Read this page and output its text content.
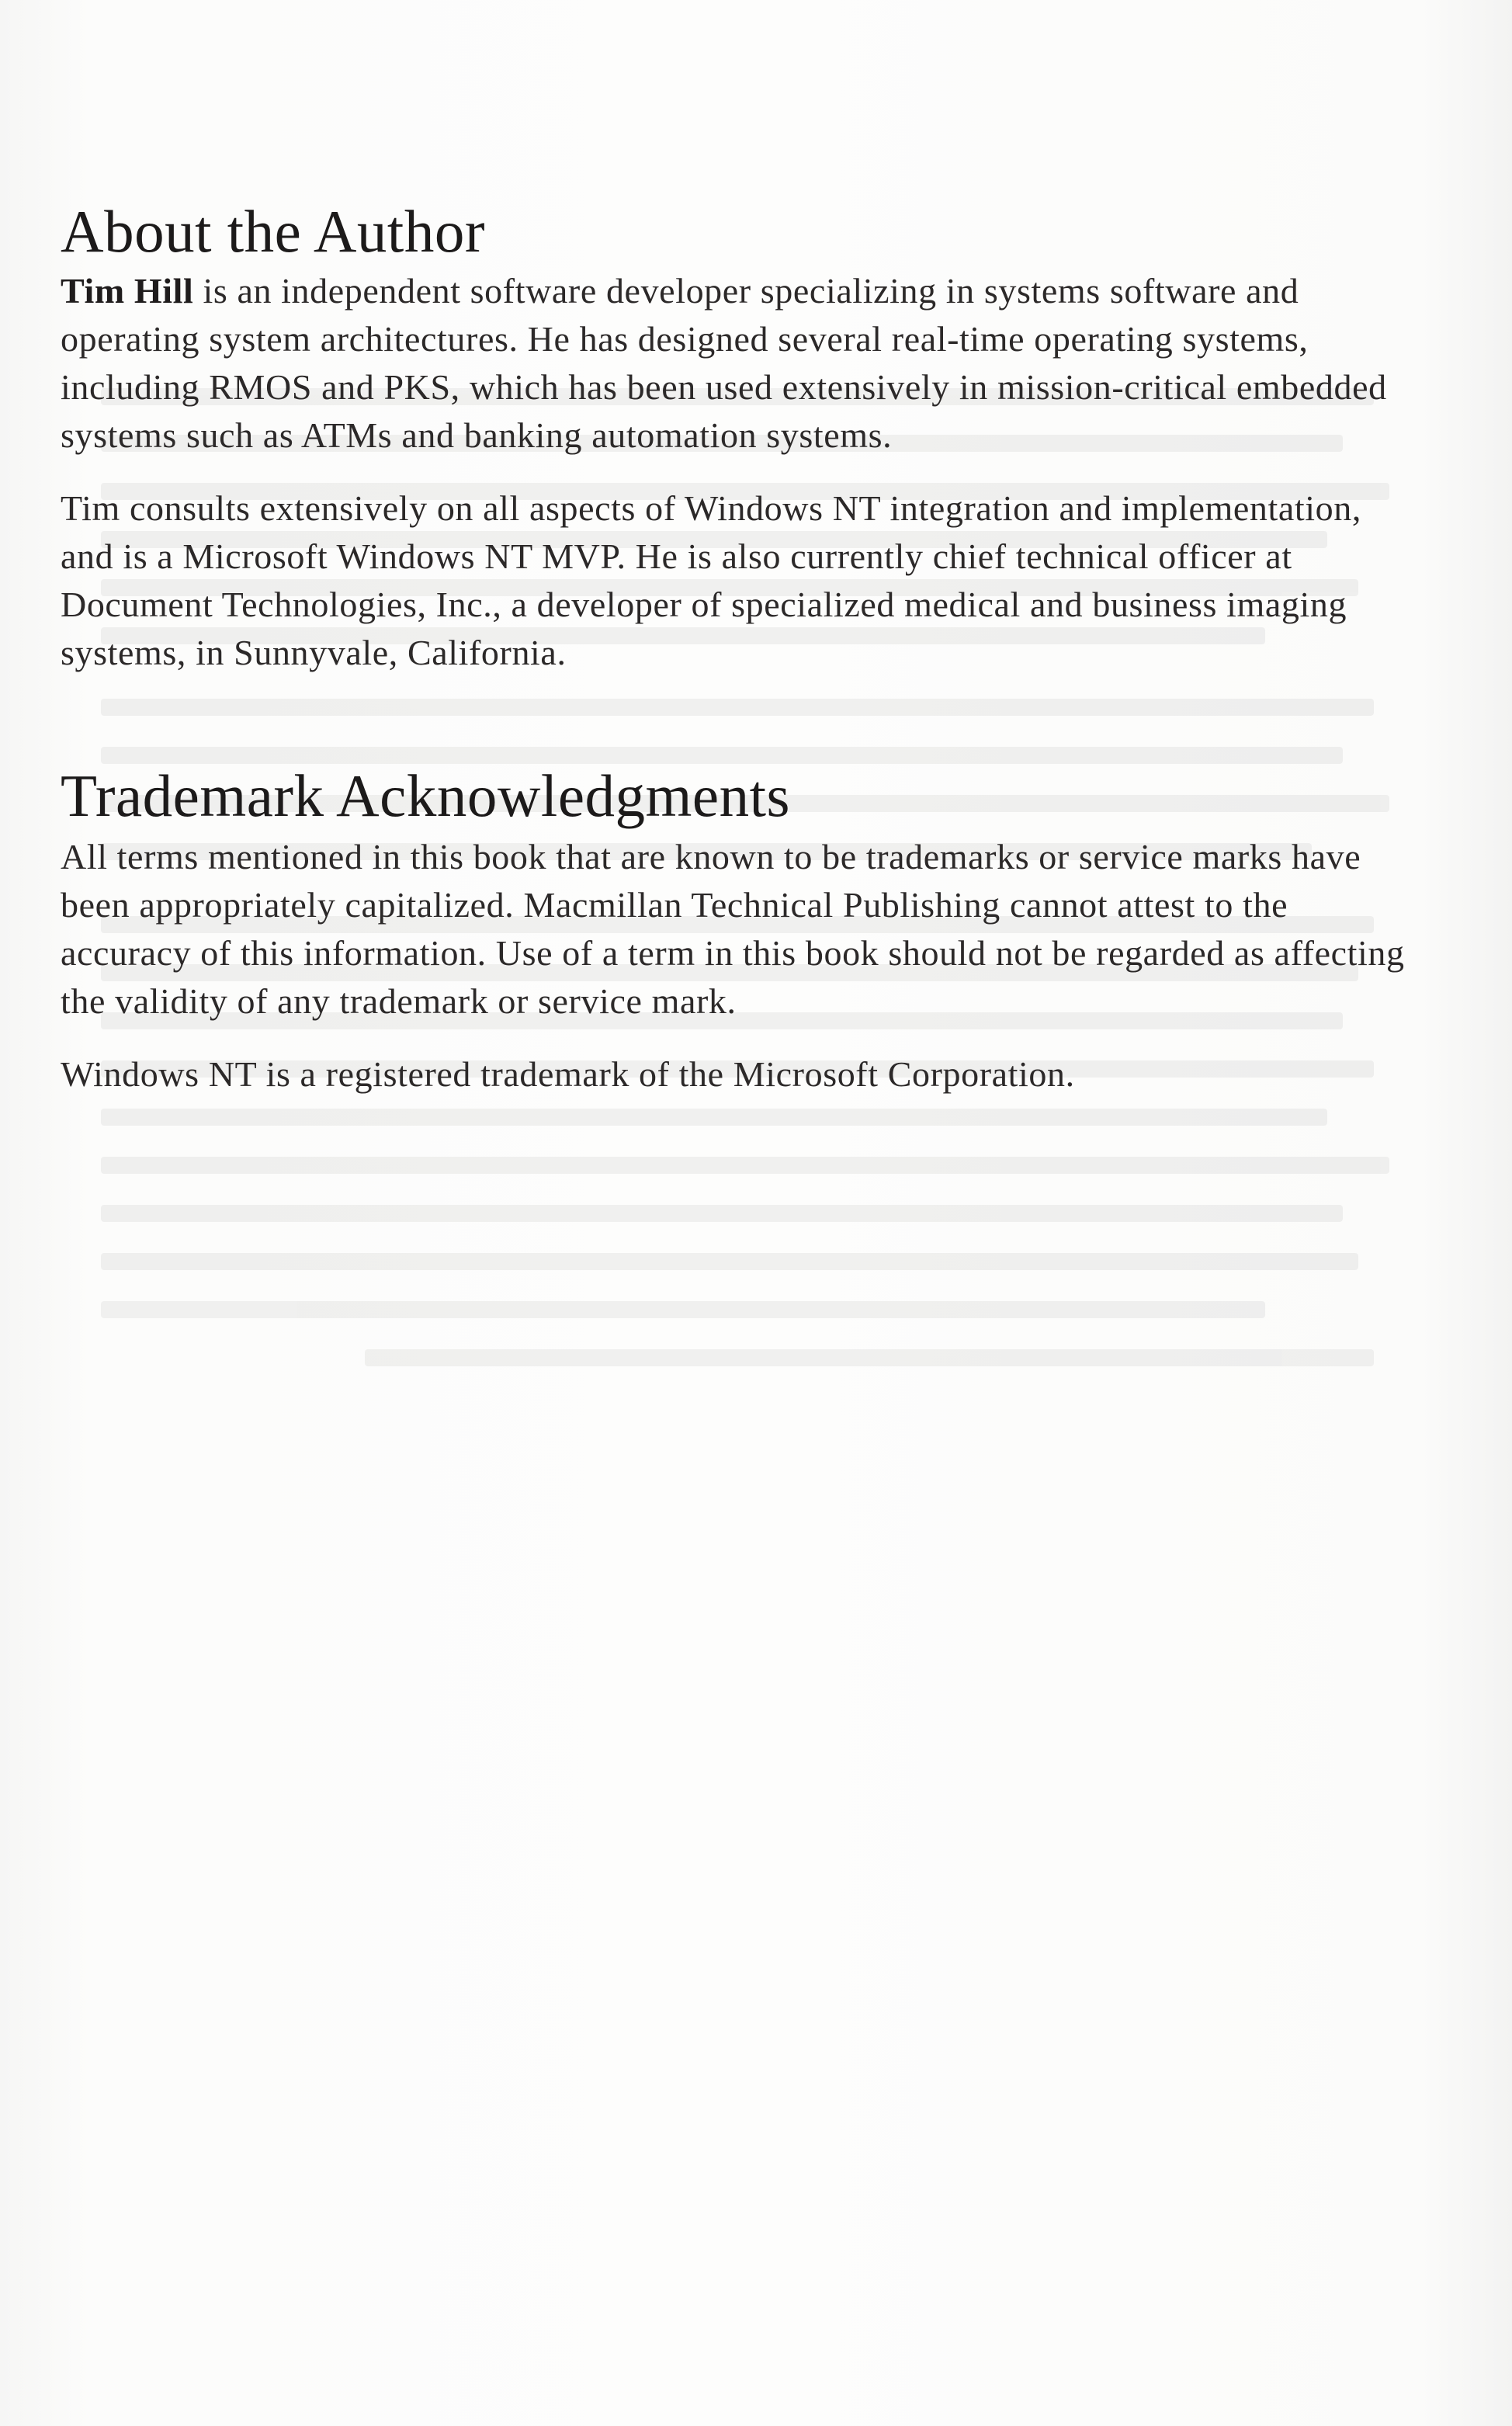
About the Author

Tim Hill is an independent software developer specializing in systems software and operating system architectures. He has designed several real-time operating systems, including RMOS and PKS, which has been used extensively in mission-critical embedded systems such as ATMs and banking automation systems.

Tim consults extensively on all aspects of Windows NT integration and implementation, and is a Microsoft Windows NT MVP. He is also currently chief technical officer at Document Technologies, Inc., a developer of specialized medical and business imaging systems, in Sunnyvale, California.

Trademark Acknowledgments

All terms mentioned in this book that are known to be trademarks or service marks have been appropriately capitalized. Macmillan Technical Publishing cannot attest to the accuracy of this information. Use of a term in this book should not be regarded as affecting the validity of any trademark or service mark.

Windows NT is a registered trademark of the Microsoft Corporation.
